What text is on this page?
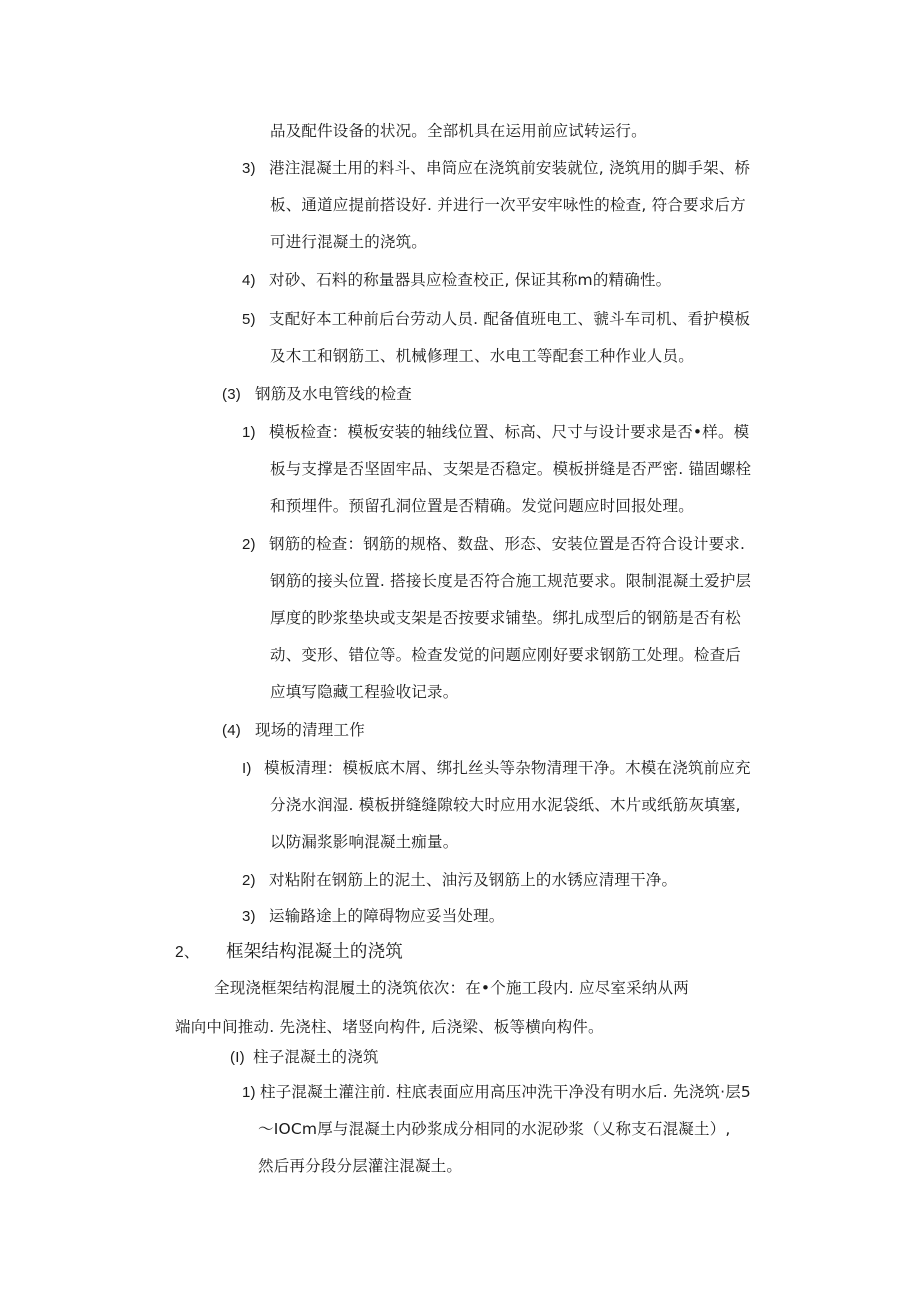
品及配件设备的状况。全部机具在运用前应试转运行。
3) 港注混凝土用的料斗、串筒应在浇筑前安装就位, 浇筑用的脚手架、桥
板、通道应提前搭设好. 并进行一次平安牢咏性的检查, 符合要求后方
可进行混凝土的浇筑。
4) 对砂、石料的称量器具应检查校正, 保证其称m的精确性。
5) 支配好本工种前后台劳动人员. 配备值班电工、虢斗车司机、看护模板
及木工和钢筋工、机械修理工、水电工等配套工种作业人员。
(3) 钢筋及水电管线的检查
1) 模板检查：模板安装的轴线位置、标高、尺寸与设计要求是否•样。模
板与支撑是否坚固牢品、支架是否稳定。模板拼缝是否严密. 锚固螺栓
和预埋件。预留孔洞位置是否精确。发觉问题应时回报处理。
2) 钢筋的检查：钢筋的规格、数盘、形态、安装位置是否符合设计要求.
钢筋的接头位置. 搭接长度是否符合施工规范要求。限制混凝土爱护层
厚度的眇浆垫块或支架是否按要求铺垫。绑扎成型后的钢筋是否有松
动、变形、错位等。检查发觉的问题应刚好要求钢筋工处理。检查后
应填写隐藏工程验收记录。
(4) 现场的清理工作
I) 模板清理：模板底木屑、绑扎丝头等杂物清理干净。木模在浇筑前应充
分浇水润湿. 模板拼缝缝隙较大时应用水泥袋纸、木片或纸筋灰填塞,
以防漏浆影响混凝土痂量。
2) 对粘附在钢筋上的泥土、油污及钢筋上的水锈应清理干净。
3) 运输路途上的障碍物应妥当处理。
2、 框架结构混凝土的浇筑
全现浇框架结构混履土的浇筑依次：在•个施工段内. 应尽室采纳从两
端向中间推动. 先浇柱、堵竖向构件, 后浇梁、板等横向构件。
(I) 柱子混凝土的浇筑
1) 柱子混凝土灌注前. 柱底表面应用高压冲洗干净没有明水后. 先浇筑·层5
〜IOCm厚与混凝土内砂浆成分相同的水泥砂浆（乂称支石混凝土）,
然后再分段分层灌注混凝土。
